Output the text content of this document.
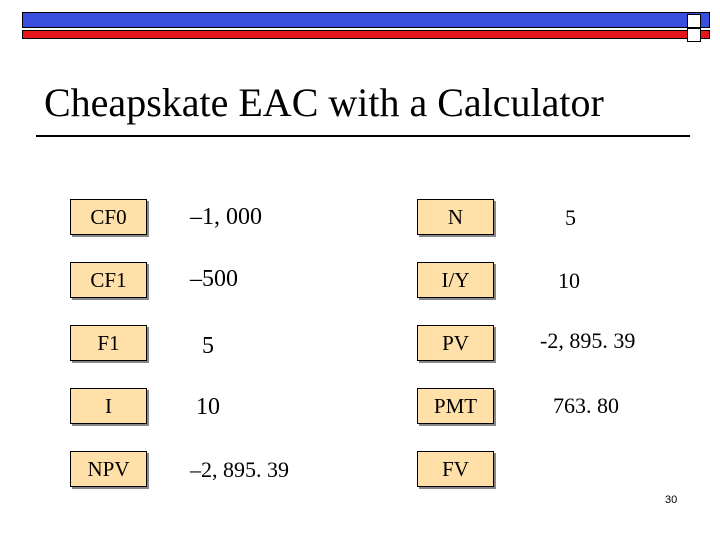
Cheapskate EAC with a Calculator
CF0	–1, 000
CF1	–500
F1	5
I	10
NPV	–2, 895. 39
N	5
I/Y	10
PV	-2, 895. 39
PMT	763. 80
FV
30
